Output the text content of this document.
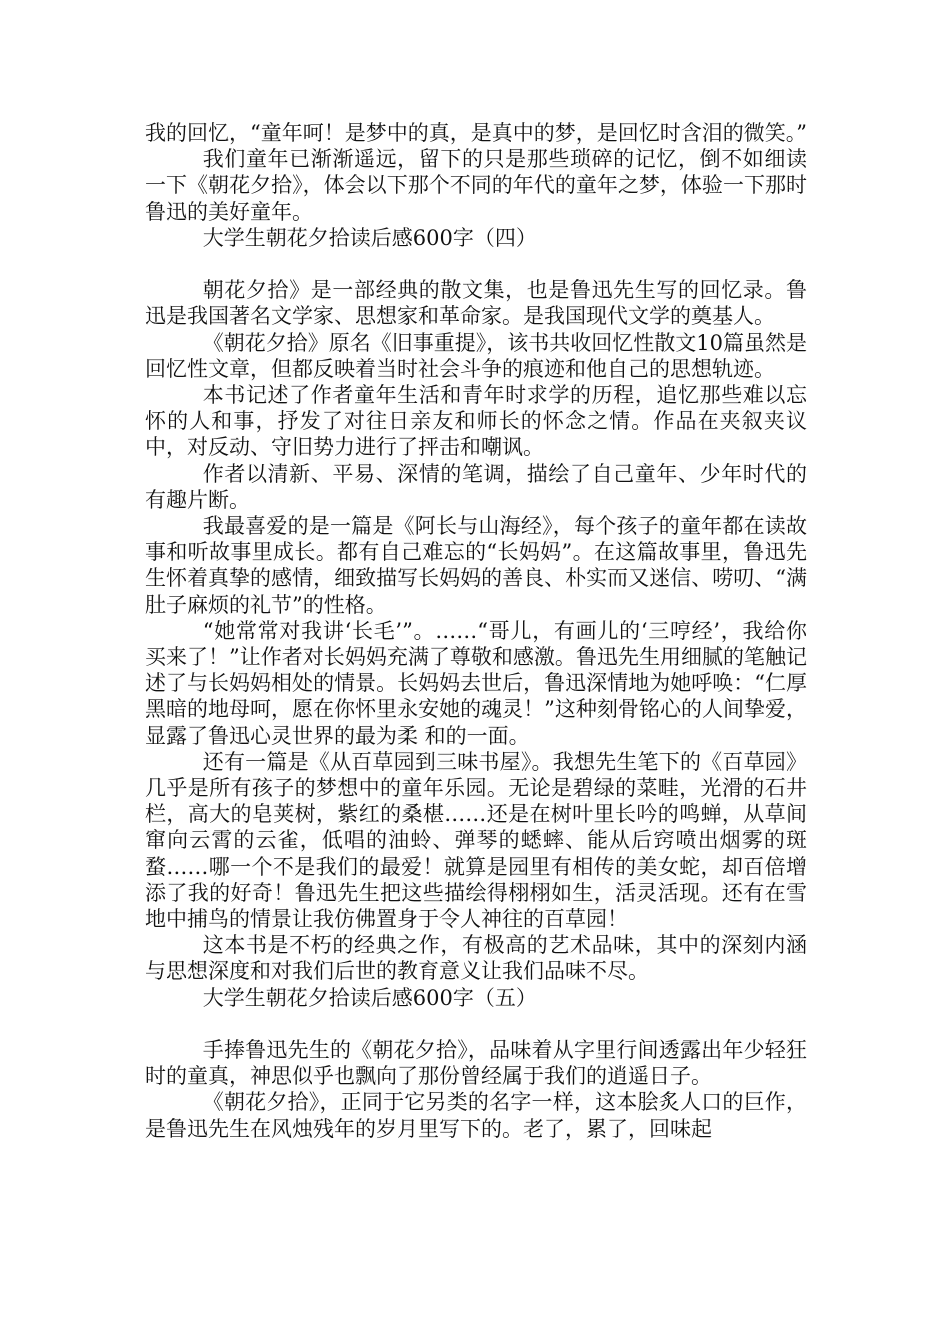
我的回忆，“童年呵！是梦中的真，是真中的梦，是回忆时含泪的微笑。”

我们童年已渐渐遥远，留下的只是那些琐碎的记忆，倒不如细读一下《朝花夕拾》，体会以下那个不同的年代的童年之梦，体验一下那时鲁迅的美好童年。

大学生朝花夕拾读后感600字（四）

朝花夕拾》是一部经典的散文集，也是鲁迅先生写的回忆录。鲁迅是我国著名文学家、思想家和革命家。是我国现代文学的奠基人。

《朝花夕拾》原名《旧事重提》，该书共收回忆性散文10篇虽然是回忆性文章，但都反映着当时社会斗争的痕迹和他自己的思想轨迹。

本书记述了作者童年生活和青年时求学的历程，追忆那些难以忘怀的人和事，抒发了对往日亲友和师长的怀念之情。作品在夹叙夹议中，对反动、守旧势力进行了抨击和嘲讽。

作者以清新、平易、深情的笔调，描绘了自己童年、少年时代的有趣片断。

我最喜爱的是一篇是《阿长与山海经》，每个孩子的童年都在读故事和听故事里成长。都有自己难忘的“长妈妈”。在这篇故事里，鲁迅先生怀着真挚的感情，细致描写长妈妈的善良、朴实而又迷信、唠叨、“满肚子麻烦的礼节”的性格。

“她常常对我讲‘长毛’”。……“哥儿，有画儿的‘三哼经’，我给你买来了！”让作者对长妈妈充满了尊敬和感激。鲁迅先生用细腻的笔触记述了与长妈妈相处的情景。长妈妈去世后，鲁迅深情地为她呼唤：“仁厚黑暗的地母呵，愿在你怀里永安她的魂灵！”这种刻骨铭心的人间挚爱，显露了鲁迅心灵世界的最为柔 和的一面。

还有一篇是《从百草园到三味书屋》。我想先生笔下的《百草园》几乎是所有孩子的梦想中的童年乐园。无论是碧绿的菜畦，光滑的石井栏，高大的皂荚树，紫红的桑椹……还是在树叶里长吟的鸣蝉，从草间窜向云霄的云雀，低唱的油蛉、弹琴的蟋蟀、能从后窍喷出烟雾的斑蝥……哪一个不是我们的最爱！就算是园里有相传的美女蛇，却百倍增添了我的好奇！鲁迅先生把这些描绘得栩栩如生，活灵活现。还有在雪地中捕鸟的情景让我仿佛置身于令人神往的百草园！

这本书是不朽的经典之作，有极高的艺术品味，其中的深刻内涵与思想深度和对我们后世的教育意义让我们品味不尽。

大学生朝花夕拾读后感600字（五）

手捧鲁迅先生的《朝花夕拾》，品味着从字里行间透露出年少轻狂时的童真，神思似乎也飘向了那份曾经属于我们的逍遥日子。

《朝花夕拾》，正同于它另类的名字一样，这本脍炙人口的巨作，是鲁迅先生在风烛残年的岁月里写下的。老了，累了，回味起
